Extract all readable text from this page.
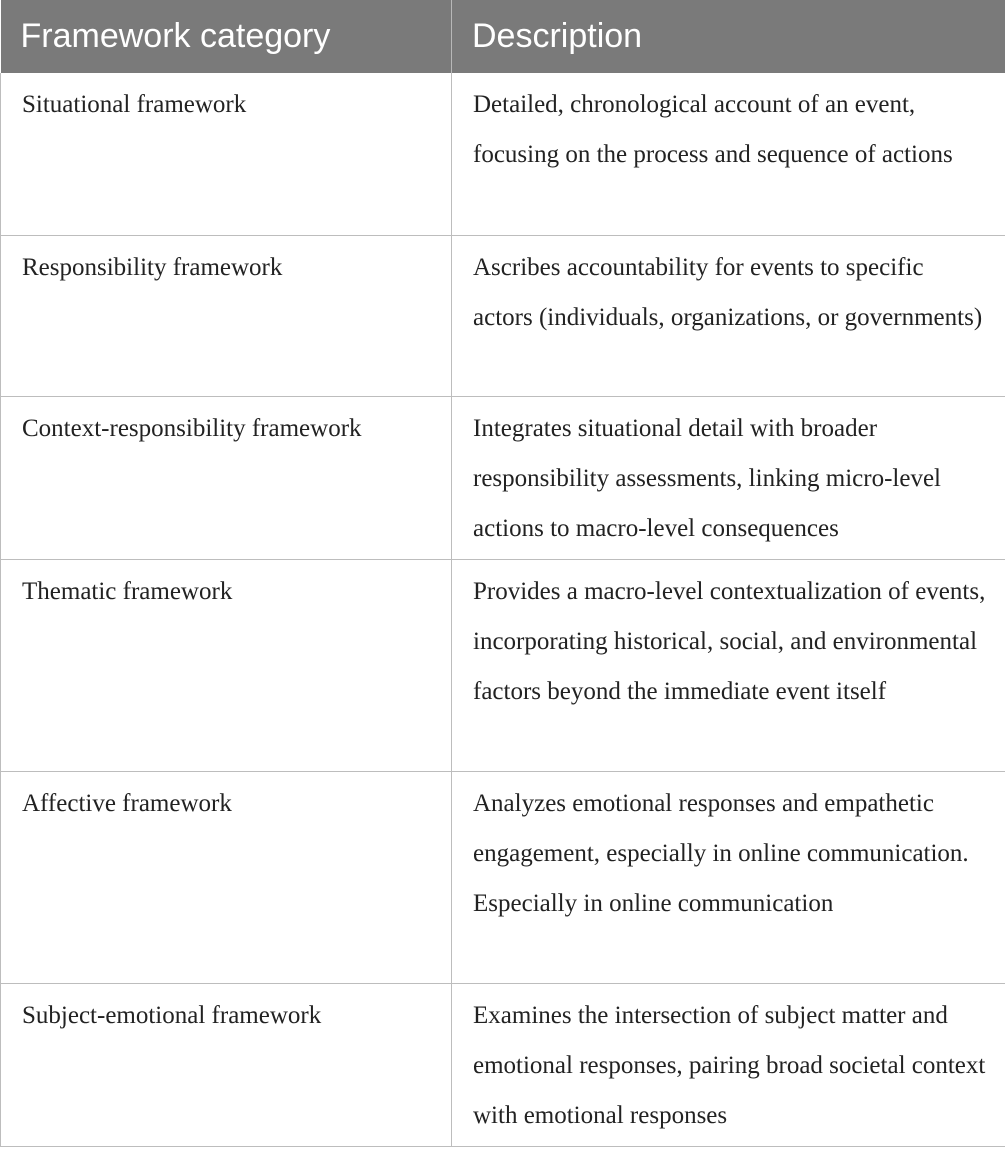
Framework category	Description
Situational framework	Detailed, chronological account of an event, focusing on the process and sequence of actions
Responsibility framework	Ascribes accountability for events to specific actors (individuals, organizations, or governments)
Context-responsibility framework	Integrates situational detail with broader responsibility assessments, linking micro-level actions to macro-level consequences
Thematic framework	Provides a macro-level contextualization of events, incorporating historical, social, and environmental factors beyond the immediate event itself
Affective framework	Analyzes emotional responses and empathetic engagement, especially in online communication. Especially in online communication
Subject-emotional framework	Examines the intersection of subject matter and emotional responses, pairing broad societal context with emotional responses
